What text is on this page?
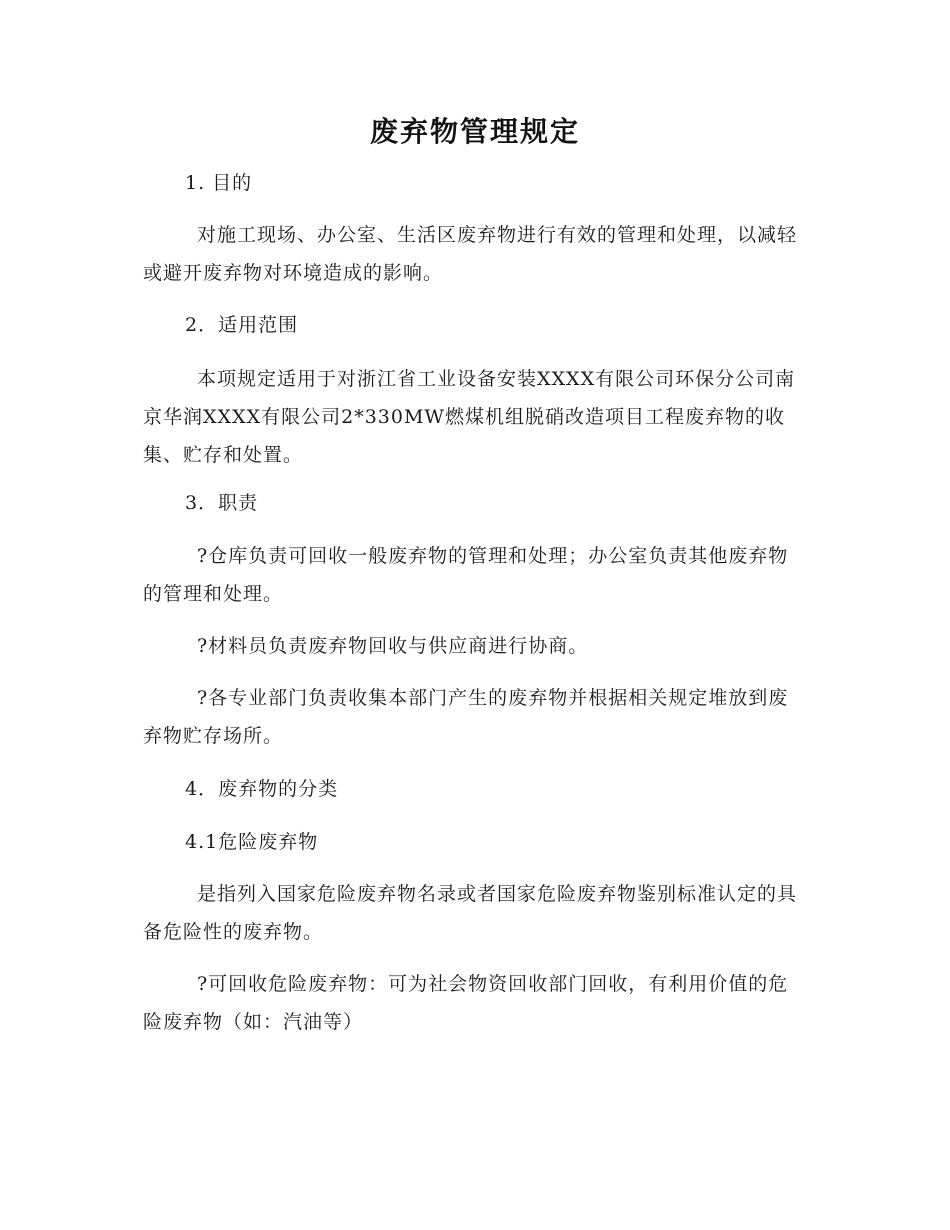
废弃物管理规定

1. 目的

对施工现场、办公室、生活区废弃物进行有效的管理和处理，以减轻或避开废弃物对环境造成的影响。

2．适用范围

本项规定适用于对浙江省工业设备安装XXXX有限公司环保分公司南京华润XXXX有限公司2*330MW燃煤机组脱硝改造项目工程废弃物的收集、贮存和处置。

3．职责

?仓库负责可回收一般废弃物的管理和处理；办公室负责其他废弃物的管理和处理。

?材料员负责废弃物回收与供应商进行协商。

?各专业部门负责收集本部门产生的废弃物并根据相关规定堆放到废弃物贮存场所。

4．废弃物的分类

4.1危险废弃物

是指列入国家危险废弃物名录或者国家危险废弃物鉴别标准认定的具备危险性的废弃物。

?可回收危险废弃物：可为社会物资回收部门回收，有利用价值的危险废弃物（如：汽油等）
